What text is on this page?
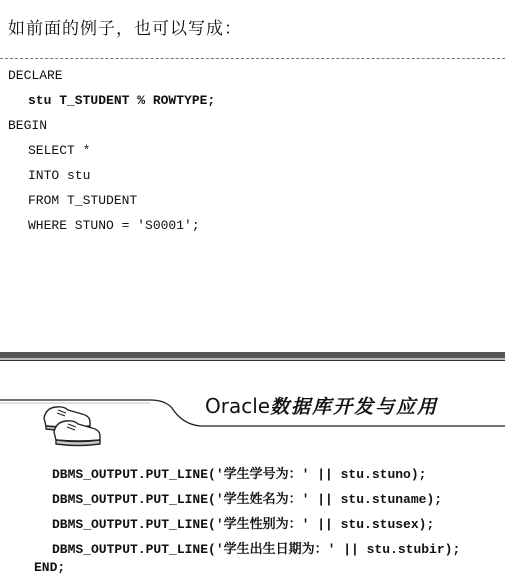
如前面的例子，也可以写成：
DECLARE
stu T_STUDENT % ROWTYPE;
BEGIN
SELECT *
INTO stu
FROM T_STUDENT
WHERE STUNO = 'S0001';
Oracle数据库开发与应用
DBMS_OUTPUT.PUT_LINE('学生学号为：' || stu.stuno);
DBMS_OUTPUT.PUT_LINE('学生姓名为：' || stu.stuname);
DBMS_OUTPUT.PUT_LINE('学生性别为：' || stu.stusex);
DBMS_OUTPUT.PUT_LINE('学生出生日期为：' || stu.stubir);
END;
